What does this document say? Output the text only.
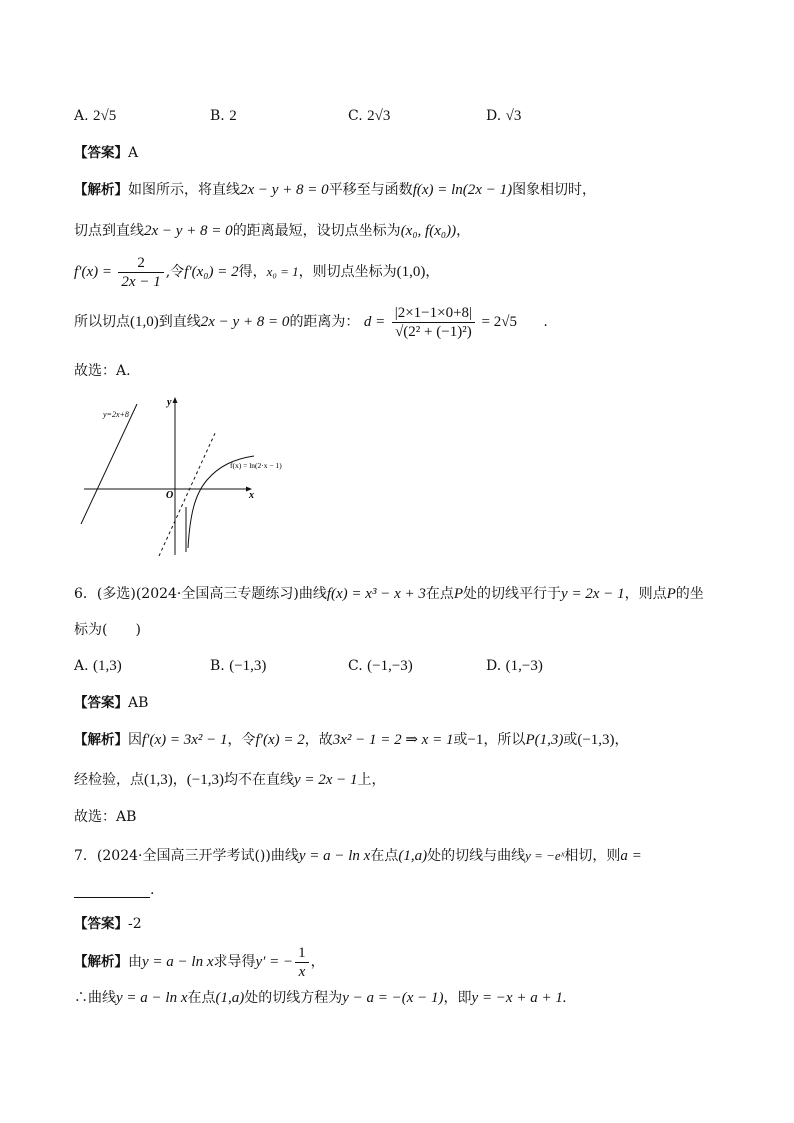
A. 2√5	B. 2	C. 2√3	D. √3
【答案】A
【解析】如图所示，将直线2x − y + 8 = 0平移至与函数f(x) = ln(2x − 1)图象相切时，
切点到直线2x − y + 8 = 0的距离最短，设切点坐标为(x₀, f(x₀))，
$f'(x) = \frac{2}{2x - 1}$ ,令f′(x₀) = 2得，x₀ = 1，则切点坐标为(1,0)，
所以切点(1,0)到直线2x − y + 8 = 0的距离为： $d = \frac{|2\times 1-1\times 0+8|}{\text{√(2² + (−1)²)}} = 2√5$ .
故选：A.
y=2x+8
f(x) = ln(2·x − 1)
y
x
O
6．(多选)(2024·全国高三专题练习)曲线f(x) = x³ − x + 3在点P处的切线平行于y = 2x − 1，则点P的坐
标为(　　)
A. (1,3)	B. (−1,3)	C. (−1,−3)	D. (1,−3)
【答案】AB
【解析】因f′(x) = 3x² − 1，令f′(x) = 2，故3x² − 1 = 2 ⇒ x = 1或−1，所以P(1,3)或(−1,3)，
经检验，点(1,3)，(−1,3)均不在直线y = 2x − 1上，
故选：AB
7．(2024·全国高三开学考试())曲线y = a − ln x在点(1,a)处的切线与曲线y = −eˣ相切，则a =
.
【答案】-2
【解析】由y = a − ln x求导得y′ = − $\frac{1}{x}$ ，
∴曲线y = a − ln x在点(1,a)处的切线方程为y − a = −(x − 1)，即y = −x + a + 1.
